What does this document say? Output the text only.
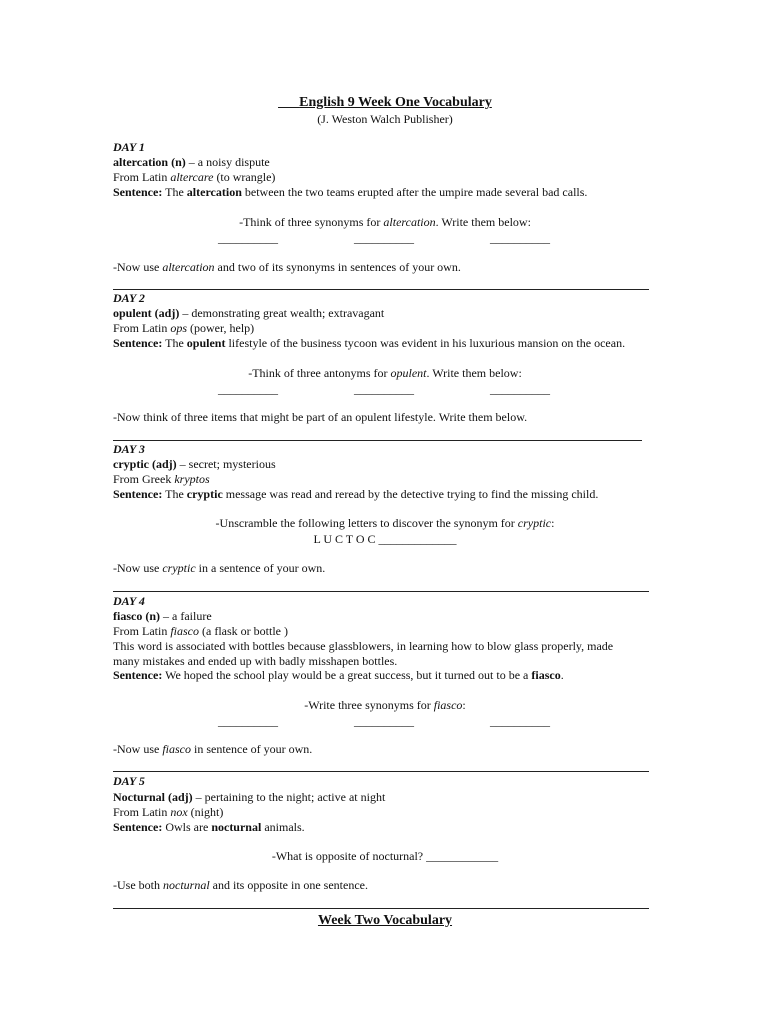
___English 9 Week One Vocabulary
(J. Weston Walch Publisher)
DAY 1
altercation (n) – a noisy dispute
From Latin altercare (to wrangle)
Sentence: The altercation between the two teams erupted after the umpire made several bad calls.
-Think of three synonyms for altercation. Write them below:
__________	__________	__________
-Now use altercation and two of its synonyms in sentences of your own.
DAY 2
opulent (adj) – demonstrating great wealth; extravagant
From Latin ops (power, help)
Sentence: The opulent lifestyle of the business tycoon was evident in his luxurious mansion on the ocean.
-Think of three antonyms for opulent. Write them below:
__________	__________	__________
-Now think of three items that might be part of an opulent lifestyle. Write them below.
DAY 3
cryptic (adj) – secret; mysterious
From Greek kryptos
Sentence: The cryptic message was read and reread by the detective trying to find the missing child.
-Unscramble the following letters to discover the synonym for cryptic:
L U C T O C _____________
-Now use cryptic in a sentence of your own.
DAY 4
fiasco (n) – a failure
From Latin fiasco (a flask or bottle )
This word is associated with bottles because glassblowers, in learning how to blow glass properly, made
many mistakes and ended up with badly misshapen bottles.
Sentence: We hoped the school play would be a great success, but it turned out to be a fiasco.
-Write three synonyms for fiasco:
__________	__________	__________
-Now use fiasco in sentence of your own.
DAY 5
Nocturnal (adj) – pertaining to the night; active at night
From Latin nox (night)
Sentence: Owls are nocturnal animals.
-What is opposite of nocturnal? ____________
-Use both nocturnal and its opposite in one sentence.
Week Two Vocabulary
